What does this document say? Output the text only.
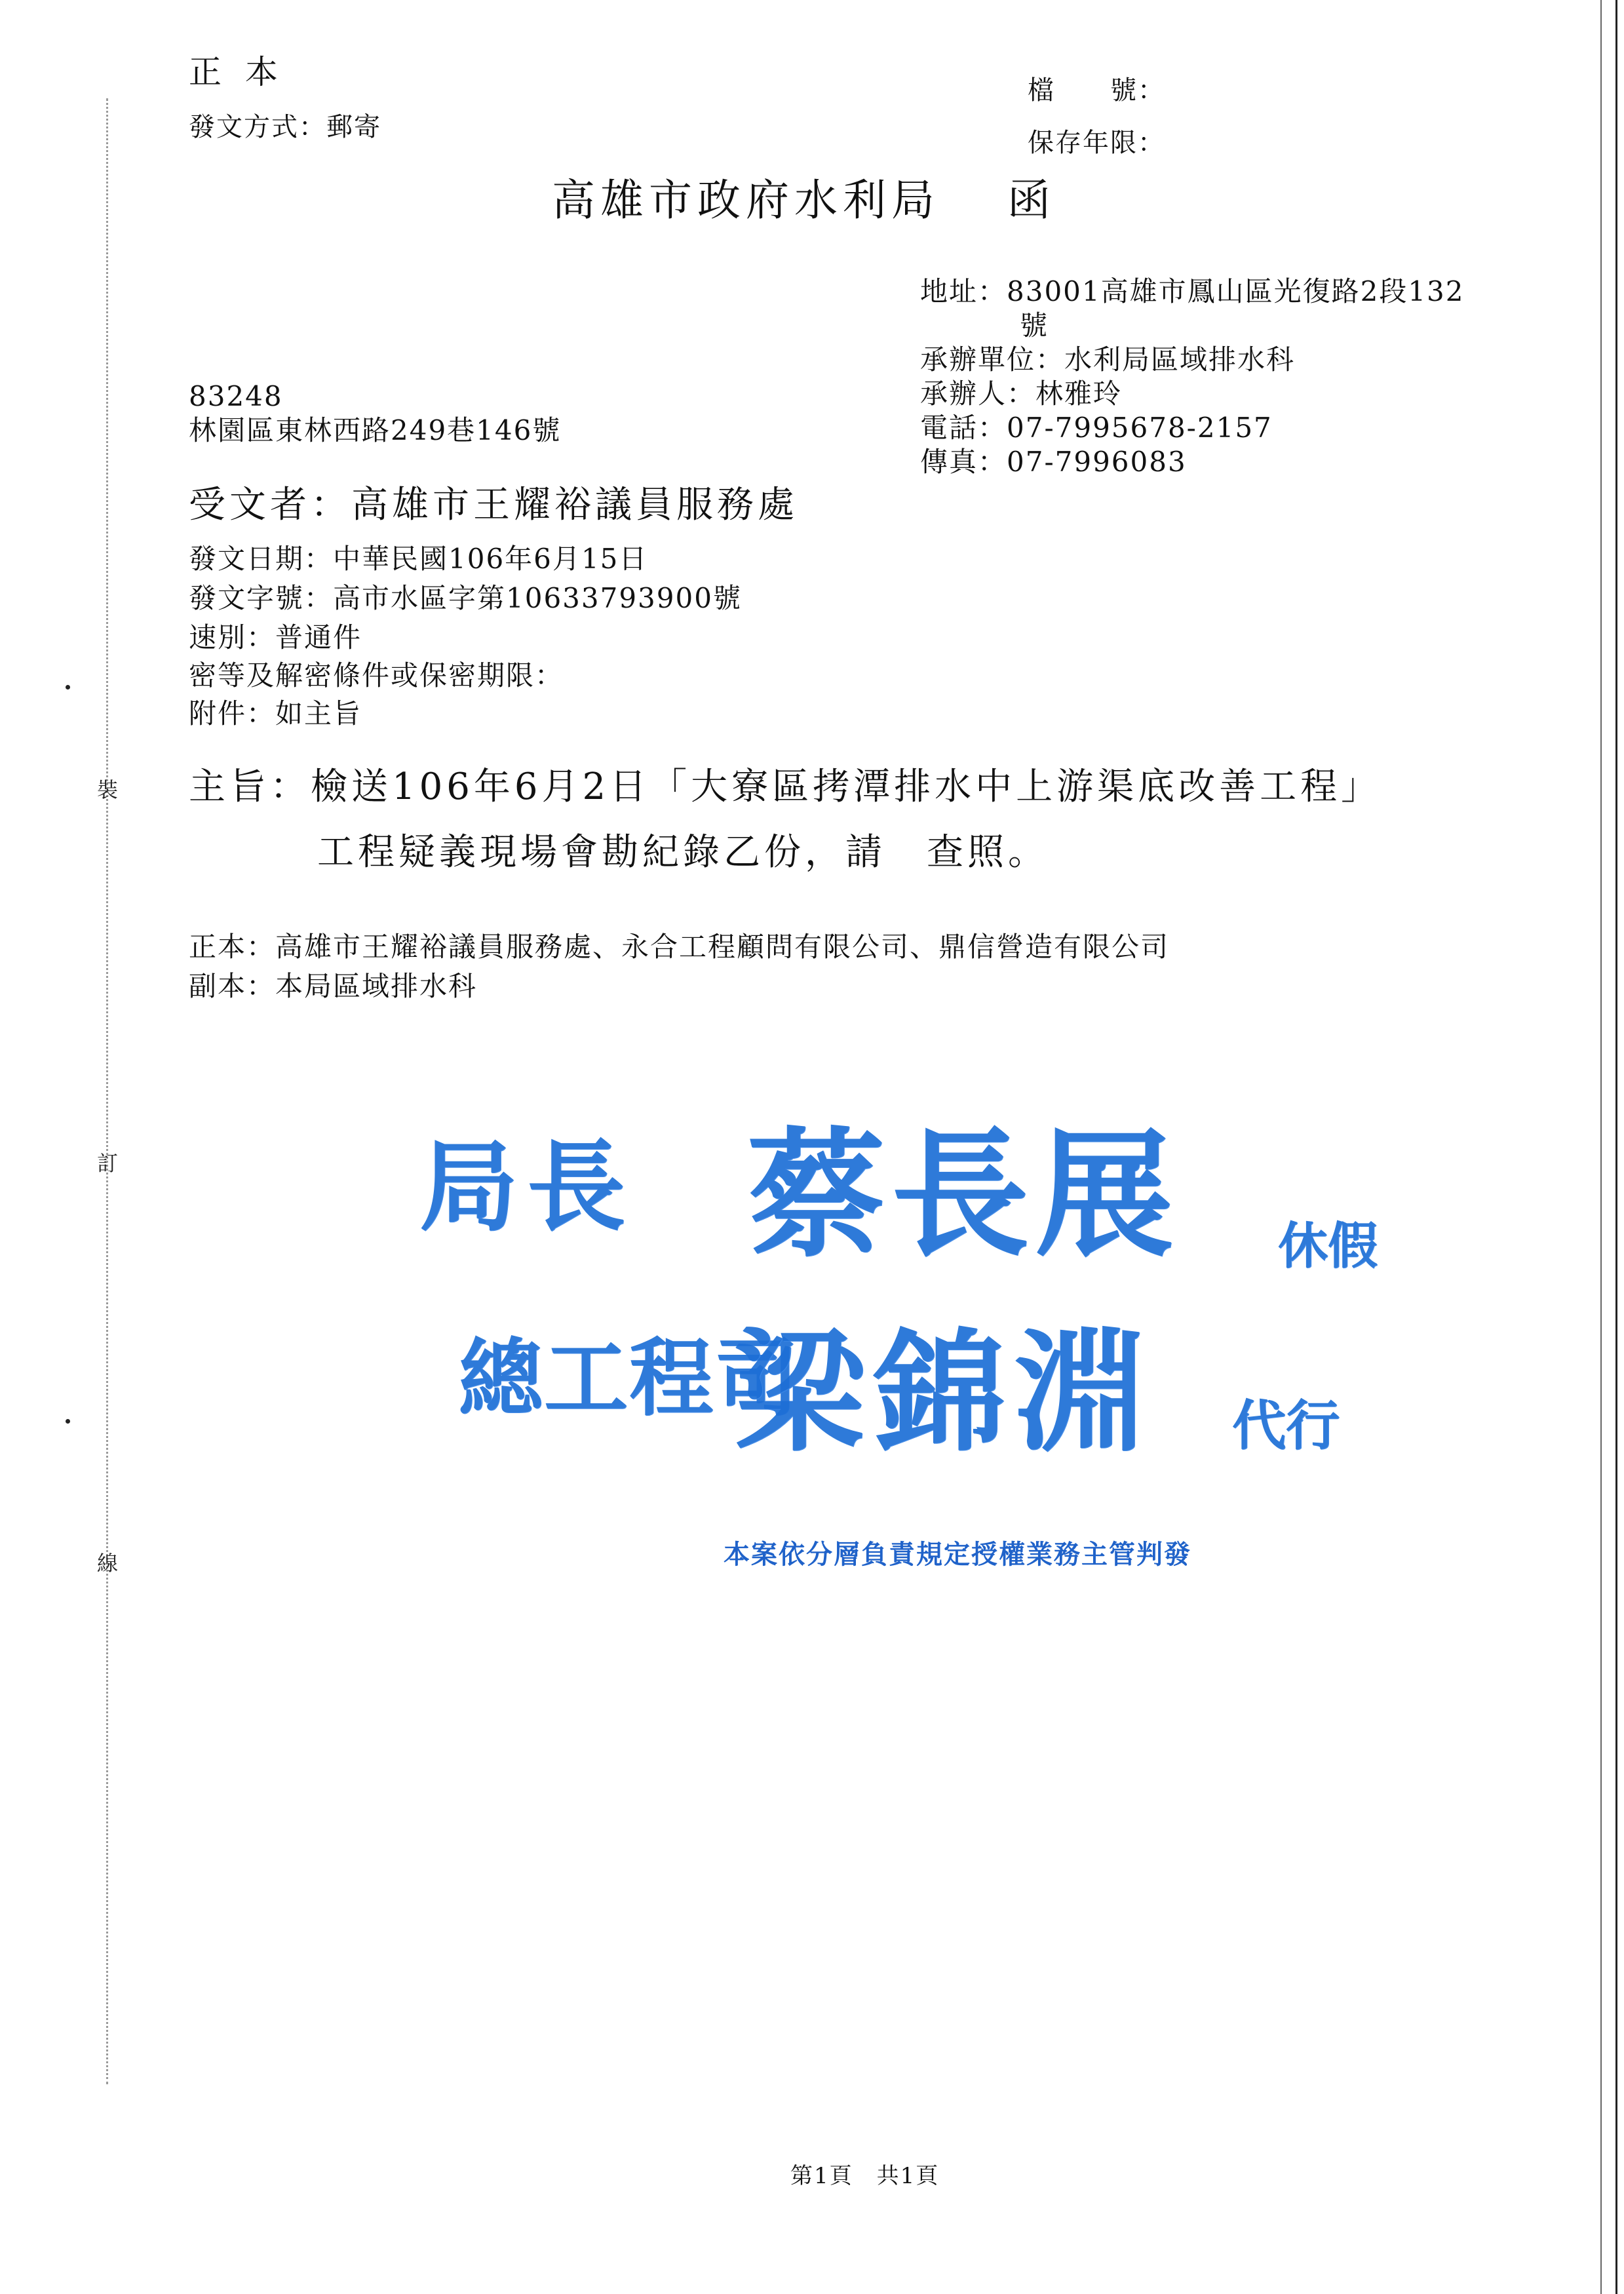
裝
訂
線
正 本
發文方式：郵寄
檔　　號：
保存年限：
高雄市政府水利局　 函
地址：83001高雄市鳳山區光復路2段132
號
承辦單位：水利局區域排水科
承辦人：林雅玲
電話：07-7995678-2157
傳真：07-7996083
83248
林園區東林西路249巷146號
受文者：高雄市王耀裕議員服務處
發文日期：中華民國106年6月15日
發文字號：高市水區字第10633793900號
速別：普通件
密等及解密條件或保密期限：
附件：如主旨
主旨：檢送106年6月2日「大寮區拷潭排水中上游渠底改善工程」
工程疑義現場會勘紀錄乙份，請　查照。
正本：高雄市王耀裕議員服務處、永合工程顧問有限公司、鼎信營造有限公司
副本：本局區域排水科
局長 蔡長展 休假
總工程司
梁錦淵 代行
本案依分層負責規定授權業務主管判發
第1頁　共1頁
